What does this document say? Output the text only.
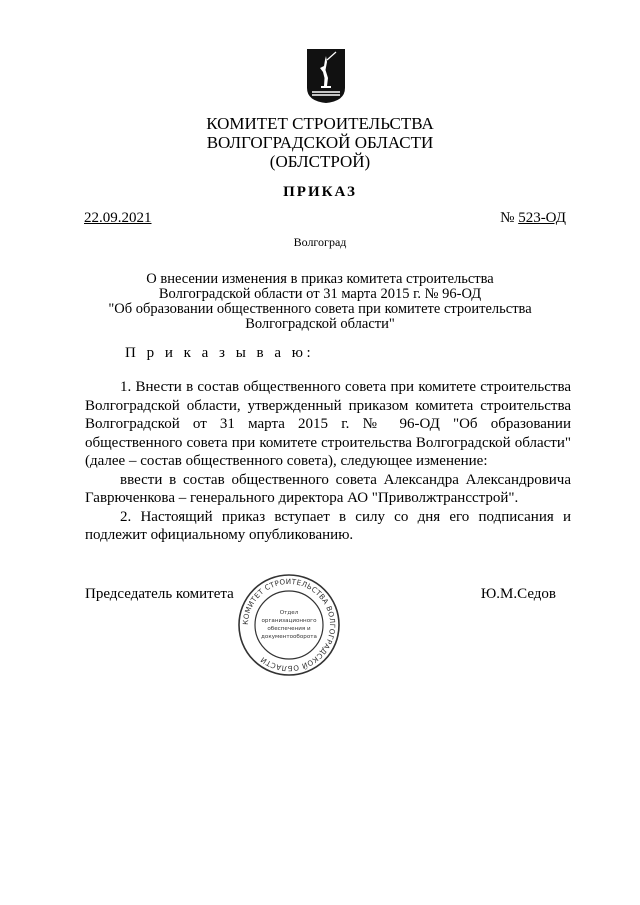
КОМИТЕТ СТРОИТЕЛЬСТВА
ВОЛГОГРАДСКОЙ ОБЛАСТИ
(ОБЛСТРОЙ)
ПРИКАЗ
22.09.2021	№ 523-ОД
Волгоград
О внесении изменения в приказ комитета строительства
Волгоградской области от 31 марта 2015 г. № 96-ОД
"Об образовании общественного совета при комитете строительства
Волгоградской области"
П р и к а з ы в а ю:

1. Внести в состав общественного совета при комитете строительства Волгоградской области, утвержденный приказом комитета строительства Волгоградской от 31 марта 2015 г. № 96-ОД "Об образовании общественного совета при комитете строительства Волгоградской области" (далее – состав общественного совета), следующее изменение:

ввести в состав общественного совета Александра Александровича Гаврюченкова – генерального директора АО "Приволжтрансстрой".

2. Настоящий приказ вступает в силу со дня его подписания и подлежит официальному опубликованию.

Председатель комитета	Ю.М.Седов
КОМИТЕТ СТРОИТЕЛЬСТВА ВОЛГОГРАДСКОЙ ОБЛАСТИ
Отдел
организационного
обеспечения и
документооборота
